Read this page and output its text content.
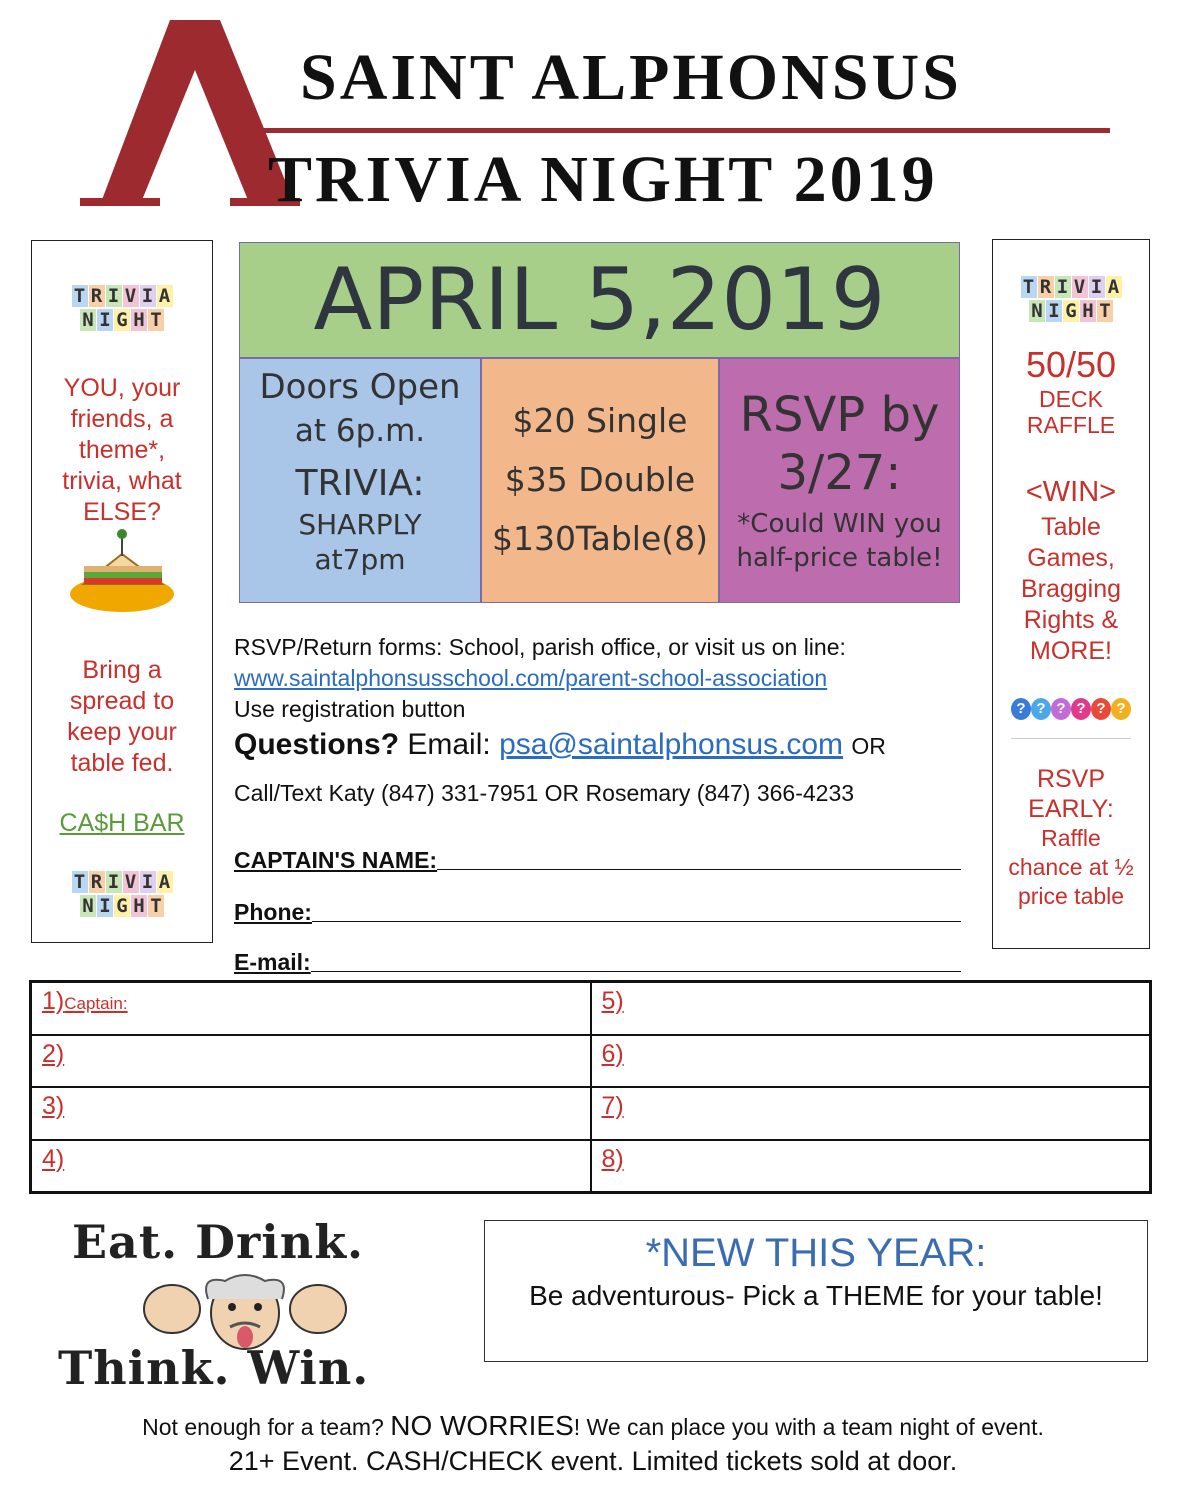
SAINT ALPHONSUS
TRIVIA NIGHT 2019
T R I V I A
N I G H T
YOU, your friends, a theme*, trivia, what ELSE?
Bring a spread to keep your table fed.
CA$H BAR
T R I V I A
N I G H T
T R I V I A
N I G H T
50/50
DECK RAFFLE
<WIN>
Table Games, Bragging Rights & MORE!
? ? ? ? ? ?
RSVP EARLY:
Raffle chance at ½ price table
APRIL 5,2019
Doors Open
at 6p.m.
TRIVIA:
SHARPLY
at7pm
$20 Single
$35 Double
$130Table(8)
RSVP by
3/27:
*Could WIN you
half-price table!
RSVP/Return forms: School, parish office, or visit us on line:
www.saintalphonsusschool.com/parent-school-association
Use registration button
Questions? Email: psa@saintalphonsus.com OR
Call/Text Katy (847) 331-7951 OR Rosemary (847) 366-4233
CAPTAIN'S NAME:
Phone:
E-mail:
1)Captain:	5)
2)	6)
3)	7)
4)	8)
Eat. Drink.
Think. Win.
*NEW THIS YEAR:
Be adventurous- Pick a THEME for your table!
Not enough for a team? NO WORRIES! We can place you with a team night of event.
21+ Event. CASH/CHECK event. Limited tickets sold at door.
